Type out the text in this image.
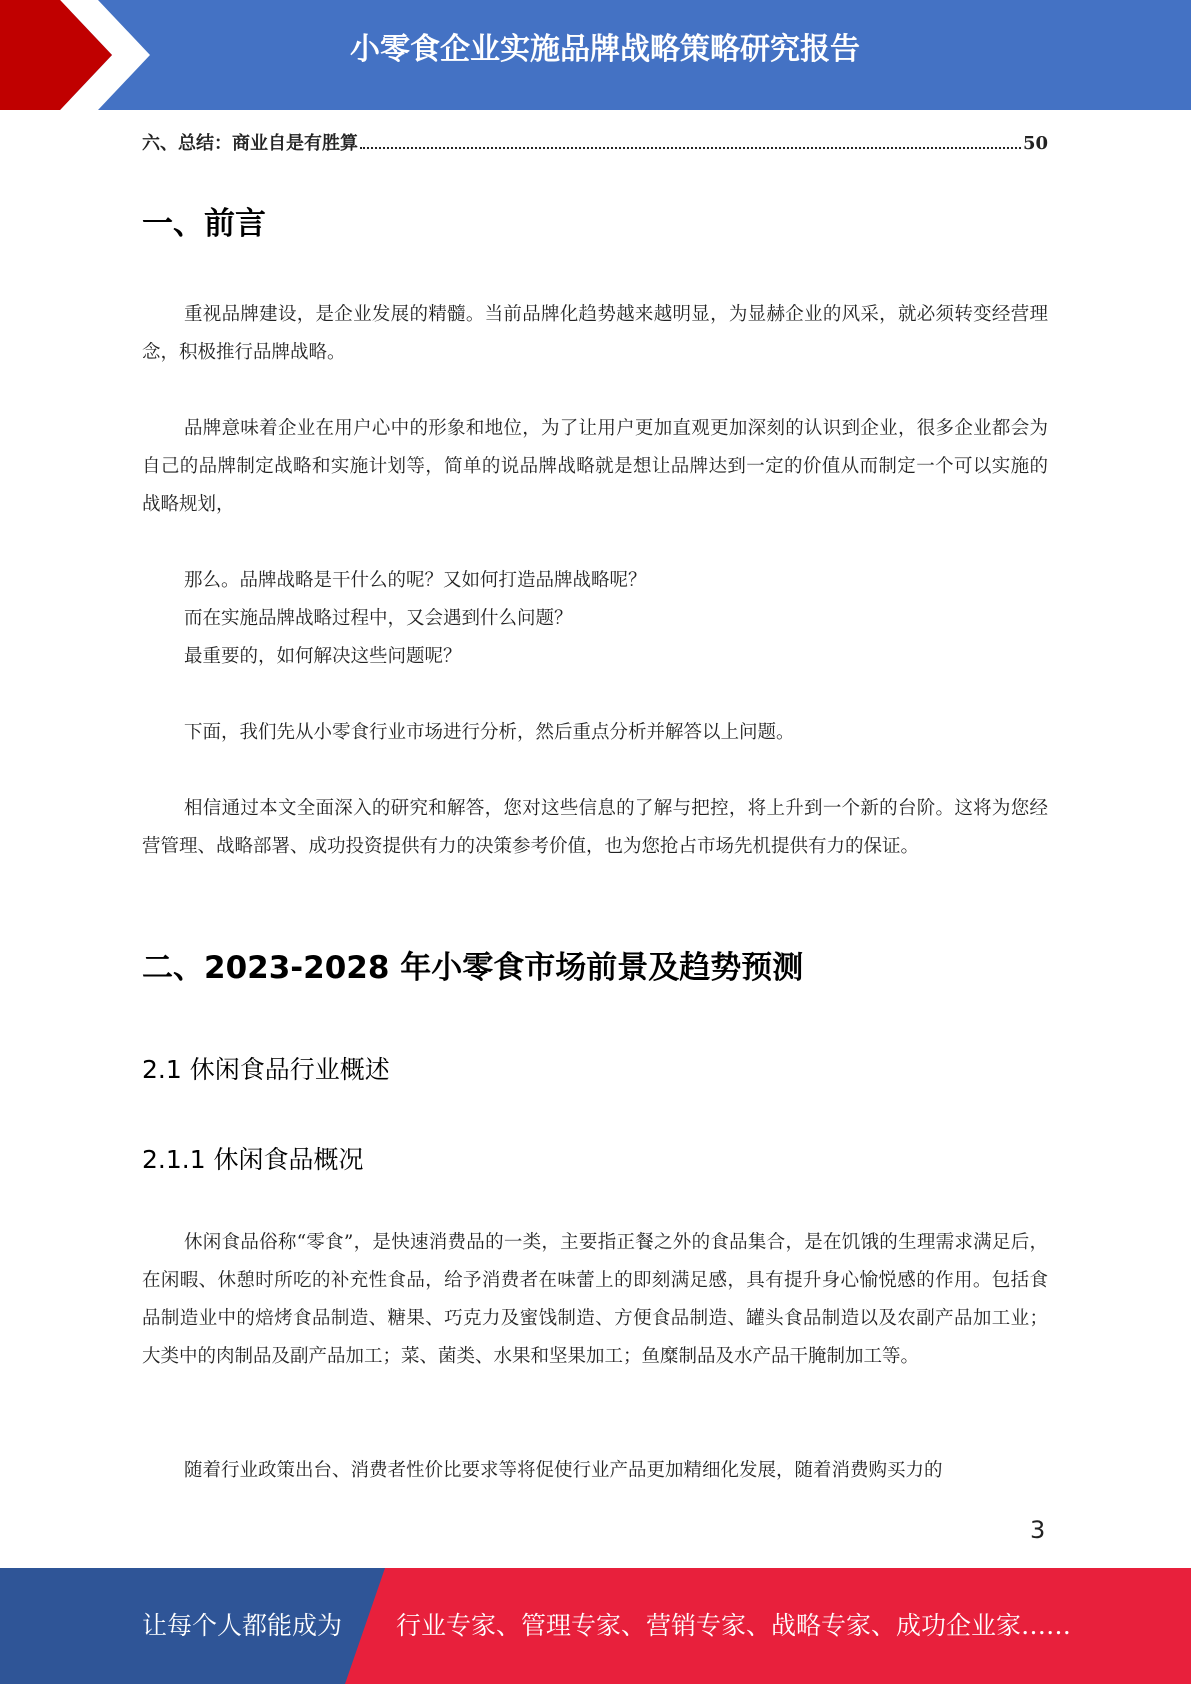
小零食企业实施品牌战略策略研究报告
六、总结：商业自是有胜算	50
一、前言

重视品牌建设，是企业发展的精髓。当前品牌化趋势越来越明显，为显赫企业的风采，就必须转变经营理念，积极推行品牌战略。

品牌意味着企业在用户心中的形象和地位，为了让用户更加直观更加深刻的认识到企业，很多企业都会为自己的品牌制定战略和实施计划等，简单的说品牌战略就是想让品牌达到一定的价值从而制定一个可以实施的战略规划，

那么。品牌战略是干什么的呢？又如何打造品牌战略呢？

而在实施品牌战略过程中，又会遇到什么问题？

最重要的，如何解决这些问题呢？

下面，我们先从小零食行业市场进行分析，然后重点分析并解答以上问题。

相信通过本文全面深入的研究和解答，您对这些信息的了解与把控，将上升到一个新的台阶。这将为您经营管理、战略部署、成功投资提供有力的决策参考价值，也为您抢占市场先机提供有力的保证。

二、2023-2028 年小零食市场前景及趋势预测
2.1 休闲食品行业概述
2.1.1 休闲食品概况

休闲食品俗称“零食”，是快速消费品的一类，主要指正餐之外的食品集合，是在饥饿的生理需求满足后，在闲暇、休憩时所吃的补充性食品，给予消费者在味蕾上的即刻满足感，具有提升身心愉悦感的作用。包括食品制造业中的焙烤食品制造、糖果、巧克力及蜜饯制造、方便食品制造、罐头食品制造以及农副产品加工业；大类中的肉制品及副产品加工；菜、菌类、水果和坚果加工；鱼糜制品及水产品干腌制加工等。

随着行业政策出台、消费者性价比要求等将促使行业产品更加精细化发展，随着消费购买力的

3
让每个人都能成为 行业专家、管理专家、营销专家、战略专家、成功企业家……
